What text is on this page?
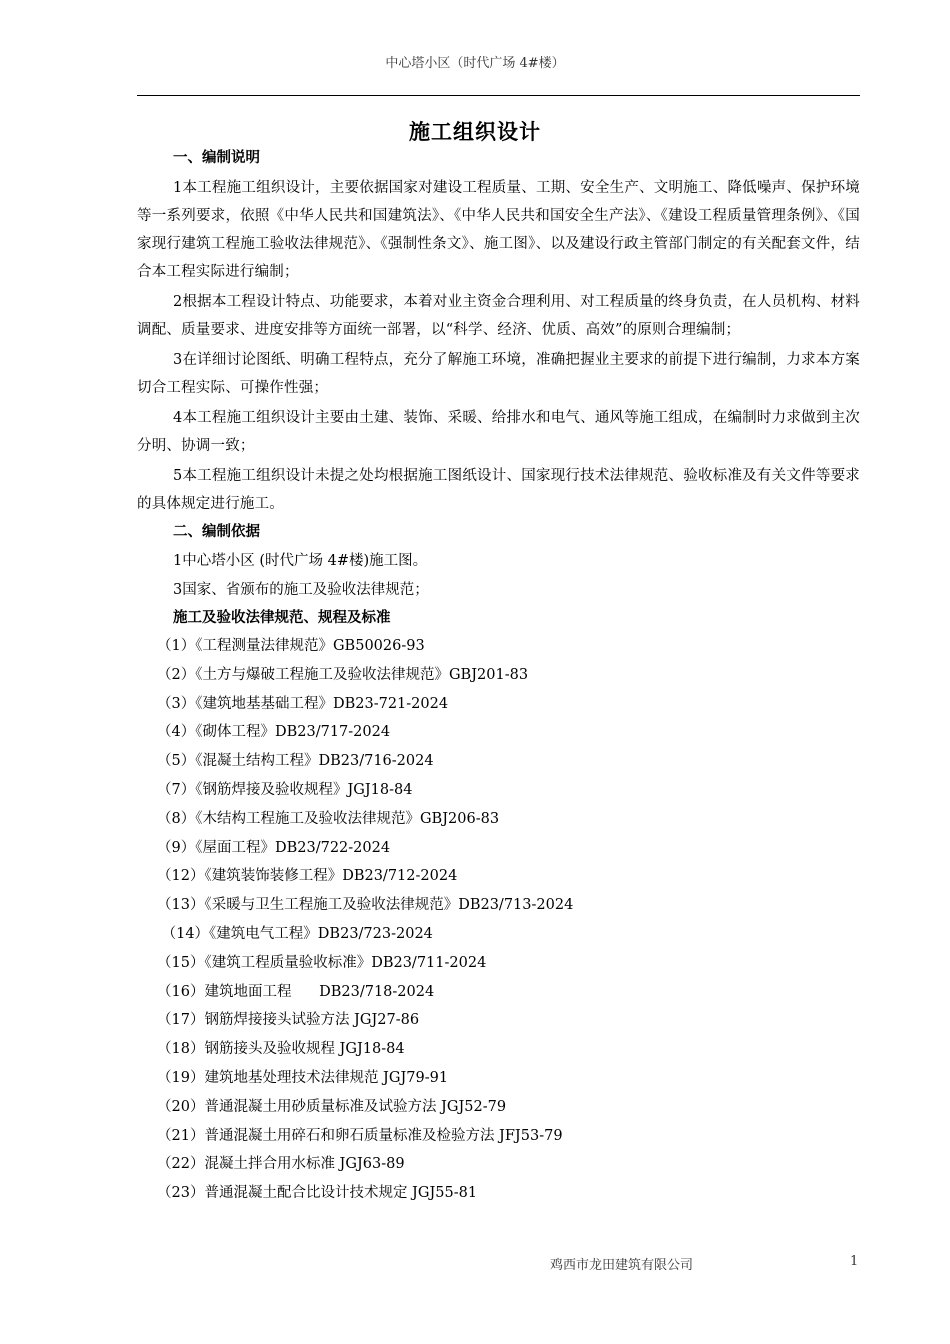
中心塔小区（时代广场 4#楼）
施工组织设计
一、编制说明
1本工程施工组织设计，主要依据国家对建设工程质量、工期、安全生产、文明施工、降低噪声、保护环境等一系列要求，依照《中华人民共和国建筑法》、《中华人民共和国安全生产法》、《建设工程质量管理条例》、《国家现行建筑工程施工验收法律规范》、《强制性条文》、施工图》、以及建设行政主管部门制定的有关配套文件，结合本工程实际进行编制；
2根据本工程设计特点、功能要求，本着对业主资金合理利用、对工程质量的终身负责，在人员机构、材料调配、质量要求、进度安排等方面统一部署，以“科学、经济、优质、高效”的原则合理编制；
3在详细讨论图纸、明确工程特点，充分了解施工环境，准确把握业主要求的前提下进行编制，力求本方案切合工程实际、可操作性强；
4本工程施工组织设计主要由土建、装饰、采暖、给排水和电气、通风等施工组成，在编制时力求做到主次分明、协调一致；
5本工程施工组织设计未提之处均根据施工图纸设计、国家现行技术法律规范、验收标准及有关文件等要求的具体规定进行施工。
二、编制依据
1中心塔小区 (时代广场 4#楼)施工图。
3国家、省颁布的施工及验收法律规范；
施工及验收法律规范、规程及标准
（1）《工程测量法律规范》GB50026-93
（2）《土方与爆破工程施工及验收法律规范》GBJ201-83
（3）《建筑地基基础工程》DB23-721-2024
（4）《砌体工程》DB23/717-2024
（5）《混凝土结构工程》DB23/716-2024
（7）《钢筋焊接及验收规程》JGJ18-84
（8）《木结构工程施工及验收法律规范》GBJ206-83
（9）《屋面工程》DB23/722-2024
（12）《建筑装饰装修工程》DB23/712-2024
（13）《采暖与卫生工程施工及验收法律规范》DB23/713-2024
（14）《建筑电气工程》DB23/723-2024
（15）《建筑工程质量验收标准》DB23/711-2024
（16）建筑地面工程      DB23/718-2024
（17）钢筋焊接接头试验方法 JGJ27-86
（18）钢筋接头及验收规程 JGJ18-84
（19）建筑地基处理技术法律规范 JGJ79-91
（20）普通混凝土用砂质量标准及试验方法 JGJ52-79
（21）普通混凝土用碎石和卵石质量标准及检验方法 JFJ53-79
（22）混凝土拌合用水标准 JGJ63-89
（23）普通混凝土配合比设计技术规定 JGJ55-81
鸡西市龙田建筑有限公司	1
